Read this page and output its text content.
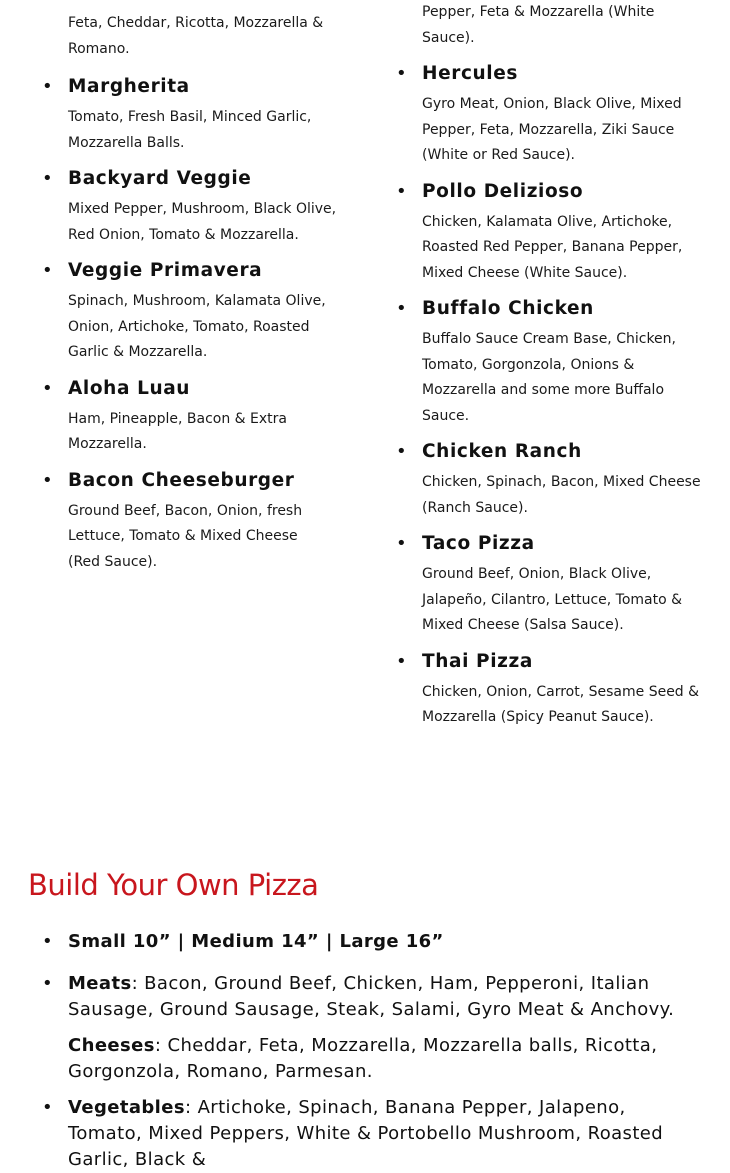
Feta, Cheddar, Ricotta, Mozzarella & Romano.
• Margherita
Tomato, Fresh Basil, Minced Garlic, Mozzarella Balls.
• Backyard Veggie
Mixed Pepper, Mushroom, Black Olive, Red Onion, Tomato & Mozzarella.
• Veggie Primavera
Spinach, Mushroom, Kalamata Olive, Onion, Artichoke, Tomato, Roasted Garlic & Mozzarella.
• Aloha Luau
Ham, Pineapple, Bacon & Extra Mozzarella.
• Bacon Cheeseburger
Ground Beef, Bacon, Onion, fresh Lettuce, Tomato & Mixed Cheese (Red Sauce).
Pepper, Feta & Mozzarella (White Sauce).
• Hercules
Gyro Meat, Onion, Black Olive, Mixed Pepper, Feta, Mozzarella, Ziki Sauce (White or Red Sauce).
• Pollo Delizioso
Chicken, Kalamata Olive, Artichoke, Roasted Red Pepper, Banana Pepper, Mixed Cheese (White Sauce).
• Buffalo Chicken
Buffalo Sauce Cream Base, Chicken, Tomato, Gorgonzola, Onions & Mozzarella and some more Buffalo Sauce.
• Chicken Ranch
Chicken, Spinach, Bacon, Mixed Cheese (Ranch Sauce).
• Taco Pizza
Ground Beef, Onion, Black Olive, Jalapeño, Cilantro, Lettuce, Tomato & Mixed Cheese (Salsa Sauce).
• Thai Pizza
Chicken, Onion, Carrot, Sesame Seed & Mozzarella (Spicy Peanut Sauce).
Build Your Own Pizza
• Small 10” | Medium 14” | Large 16”
• Meats: Bacon, Ground Beef, Chicken, Ham, Pepperoni, Italian Sausage, Ground Sausage, Steak, Salami, Gyro Meat & Anchovy.
Cheeses: Cheddar, Feta, Mozzarella, Mozzarella balls, Ricotta, Gorgonzola, Romano, Parmesan.
• Vegetables: Artichoke, Spinach, Banana Pepper, Jalapeno, Tomato, Mixed Peppers, White & Portobello Mushroom, Roasted Garlic, Black &
